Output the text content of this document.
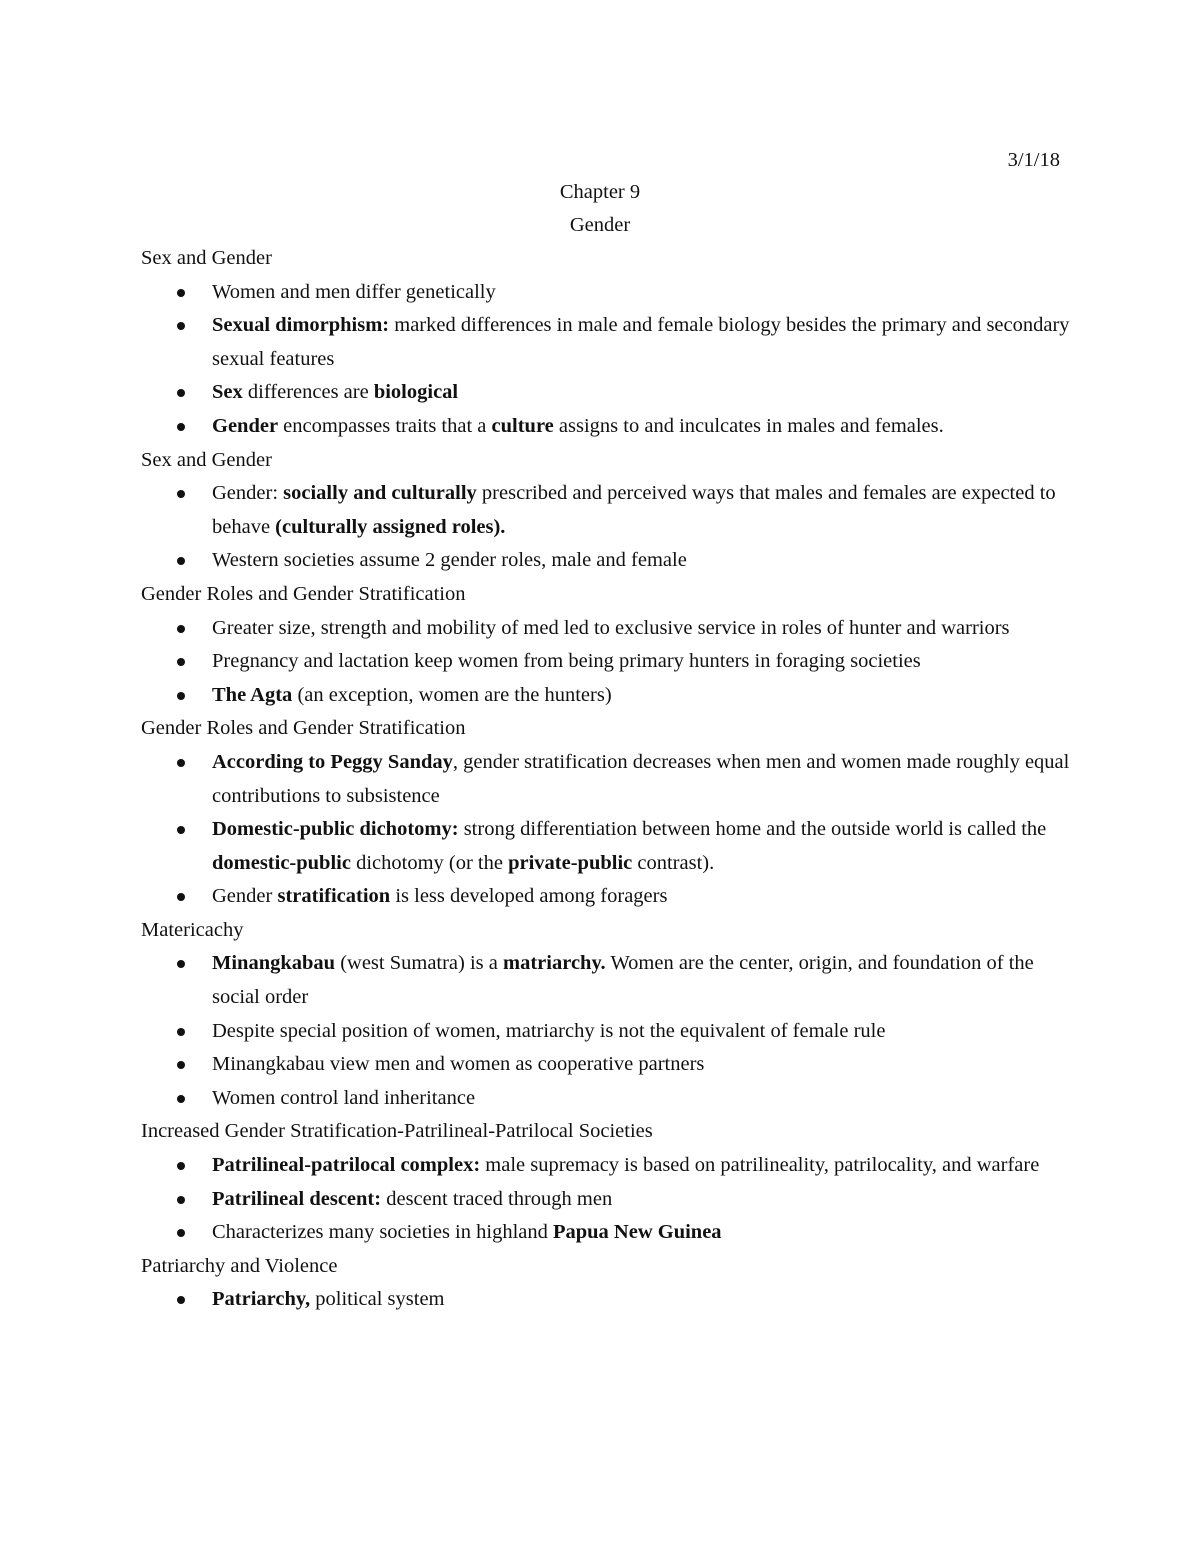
3/1/18
Chapter 9
Gender
Sex and Gender
Women and men differ genetically
Sexual dimorphism: marked differences in male and female biology besides the primary and secondary sexual features
Sex differences are biological
Gender encompasses traits that a culture assigns to and inculcates in males and females.
Sex and Gender
Gender: socially and culturally prescribed and perceived ways that males and females are expected to behave (culturally assigned roles).
Western societies assume 2 gender roles, male and female
Gender Roles and Gender Stratification
Greater size, strength and mobility of med led to exclusive service in roles of hunter and warriors
Pregnancy and lactation keep women from being primary hunters in foraging societies
The Agta (an exception, women are the hunters)
Gender Roles and Gender Stratification
According to Peggy Sanday, gender stratification decreases when men and women made roughly equal contributions to subsistence
Domestic-public dichotomy: strong differentiation between home and the outside world is called the domestic-public dichotomy (or the private-public contrast).
Gender stratification is less developed among foragers
Matericachy
Minangkabau (west Sumatra) is a matriarchy. Women are the center, origin, and foundation of the social order
Despite special position of women, matriarchy is not the equivalent of female rule
Minangkabau view men and women as cooperative partners
Women control land inheritance
Increased Gender Stratification-Patrilineal-Patrilocal Societies
Patrilineal-patrilocal complex: male supremacy is based on patrilineality, patrilocality, and warfare
Patrilineal descent: descent traced through men
Characterizes many societies in highland Papua New Guinea
Patriarchy and Violence
Patriarchy, political system
